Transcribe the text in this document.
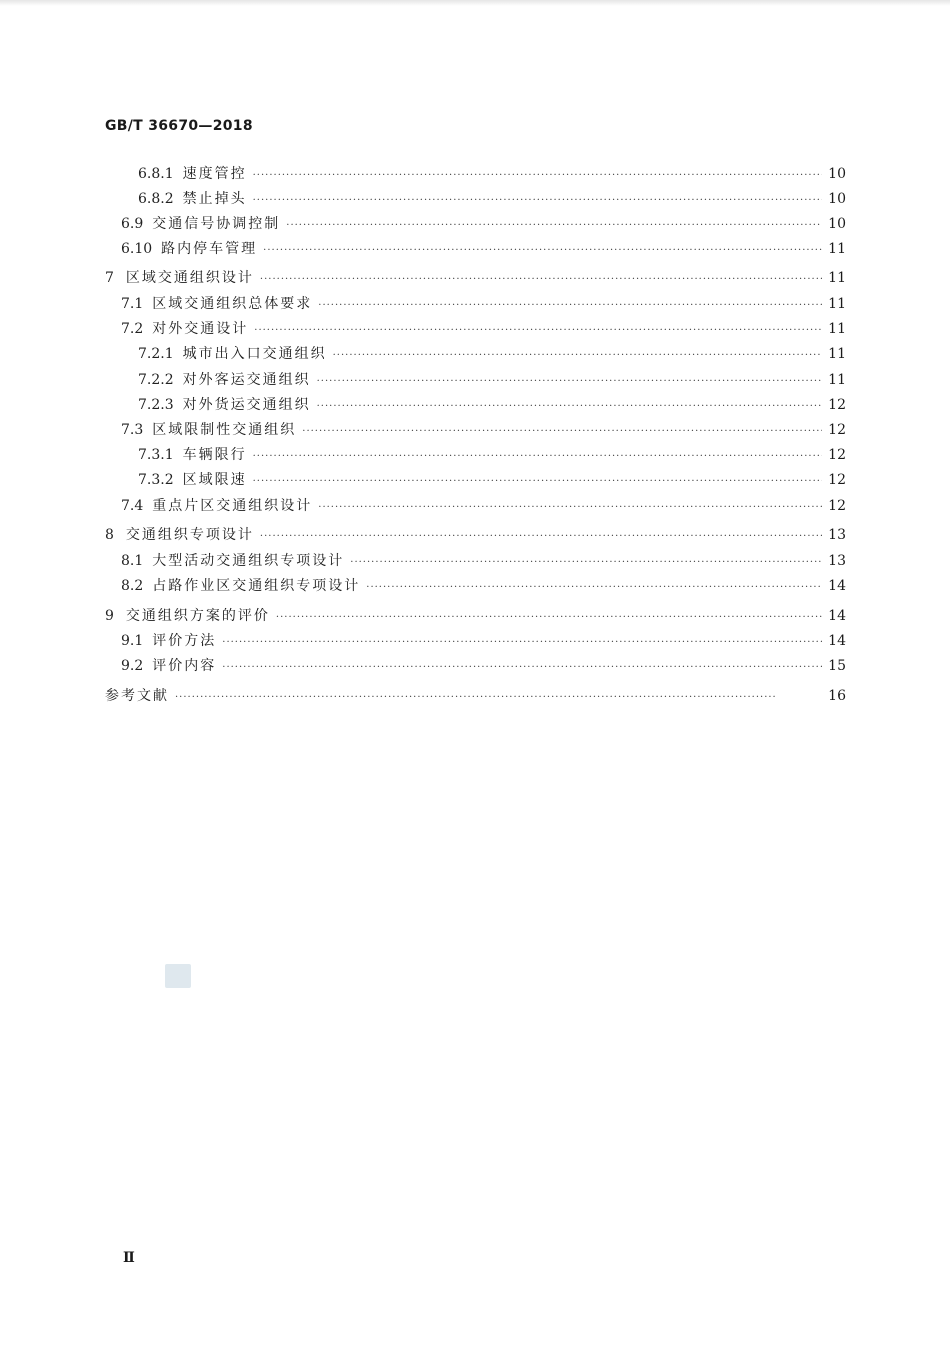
GB/T 36670—2018
6.8.1 速度管控 ·····	10
6.8.2 禁止掉头 ·····	10
6.9 交通信号协调控制 ·····	10
6.10 路内停车管理 ·····	11
7 区域交通组织设计 ·····	11
7.1 区域交通组织总体要求 ·····	11
7.2 对外交通设计 ·····	11
7.2.1 城市出入口交通组织 ·····	11
7.2.2 对外客运交通组织 ·····	11
7.2.3 对外货运交通组织 ·····	12
7.3 区域限制性交通组织 ·····	12
7.3.1 车辆限行 ·····	12
7.3.2 区域限速 ·····	12
7.4 重点片区交通组织设计 ·····	12
8 交通组织专项设计 ·····	13
8.1 大型活动交通组织专项设计 ·····	13
8.2 占路作业区交通组织专项设计 ·····	14
9 交通组织方案的评价 ·····	14
9.1 评价方法 ·····	14
9.2 评价内容 ·····	15
参考文献 ·····	16
Ⅱ
